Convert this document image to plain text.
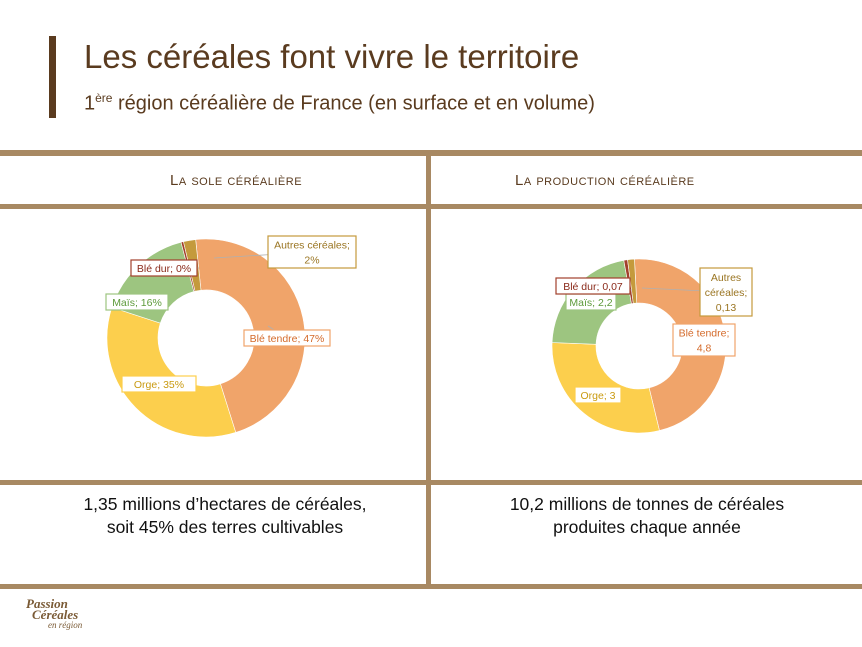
Les céréales font vivre le territoire
1ère région céréalière de France (en surface et en volume)
La sole céréalière	La production céréalière
Blé tendre; 47%
Orge; 35%
Maïs; 16%
Blé dur; 0%
Autres céréales;
2%
Blé tendre;
4,8
Orge; 3
Maïs; 2,2
Blé dur; 0,07
Autres
céréales;
0,13
1,35 millions d’hectares de céréales,
soit 45% des terres cultivables
10,2 millions de tonnes de céréales
produites chaque année
Passion
Céréales
en région
